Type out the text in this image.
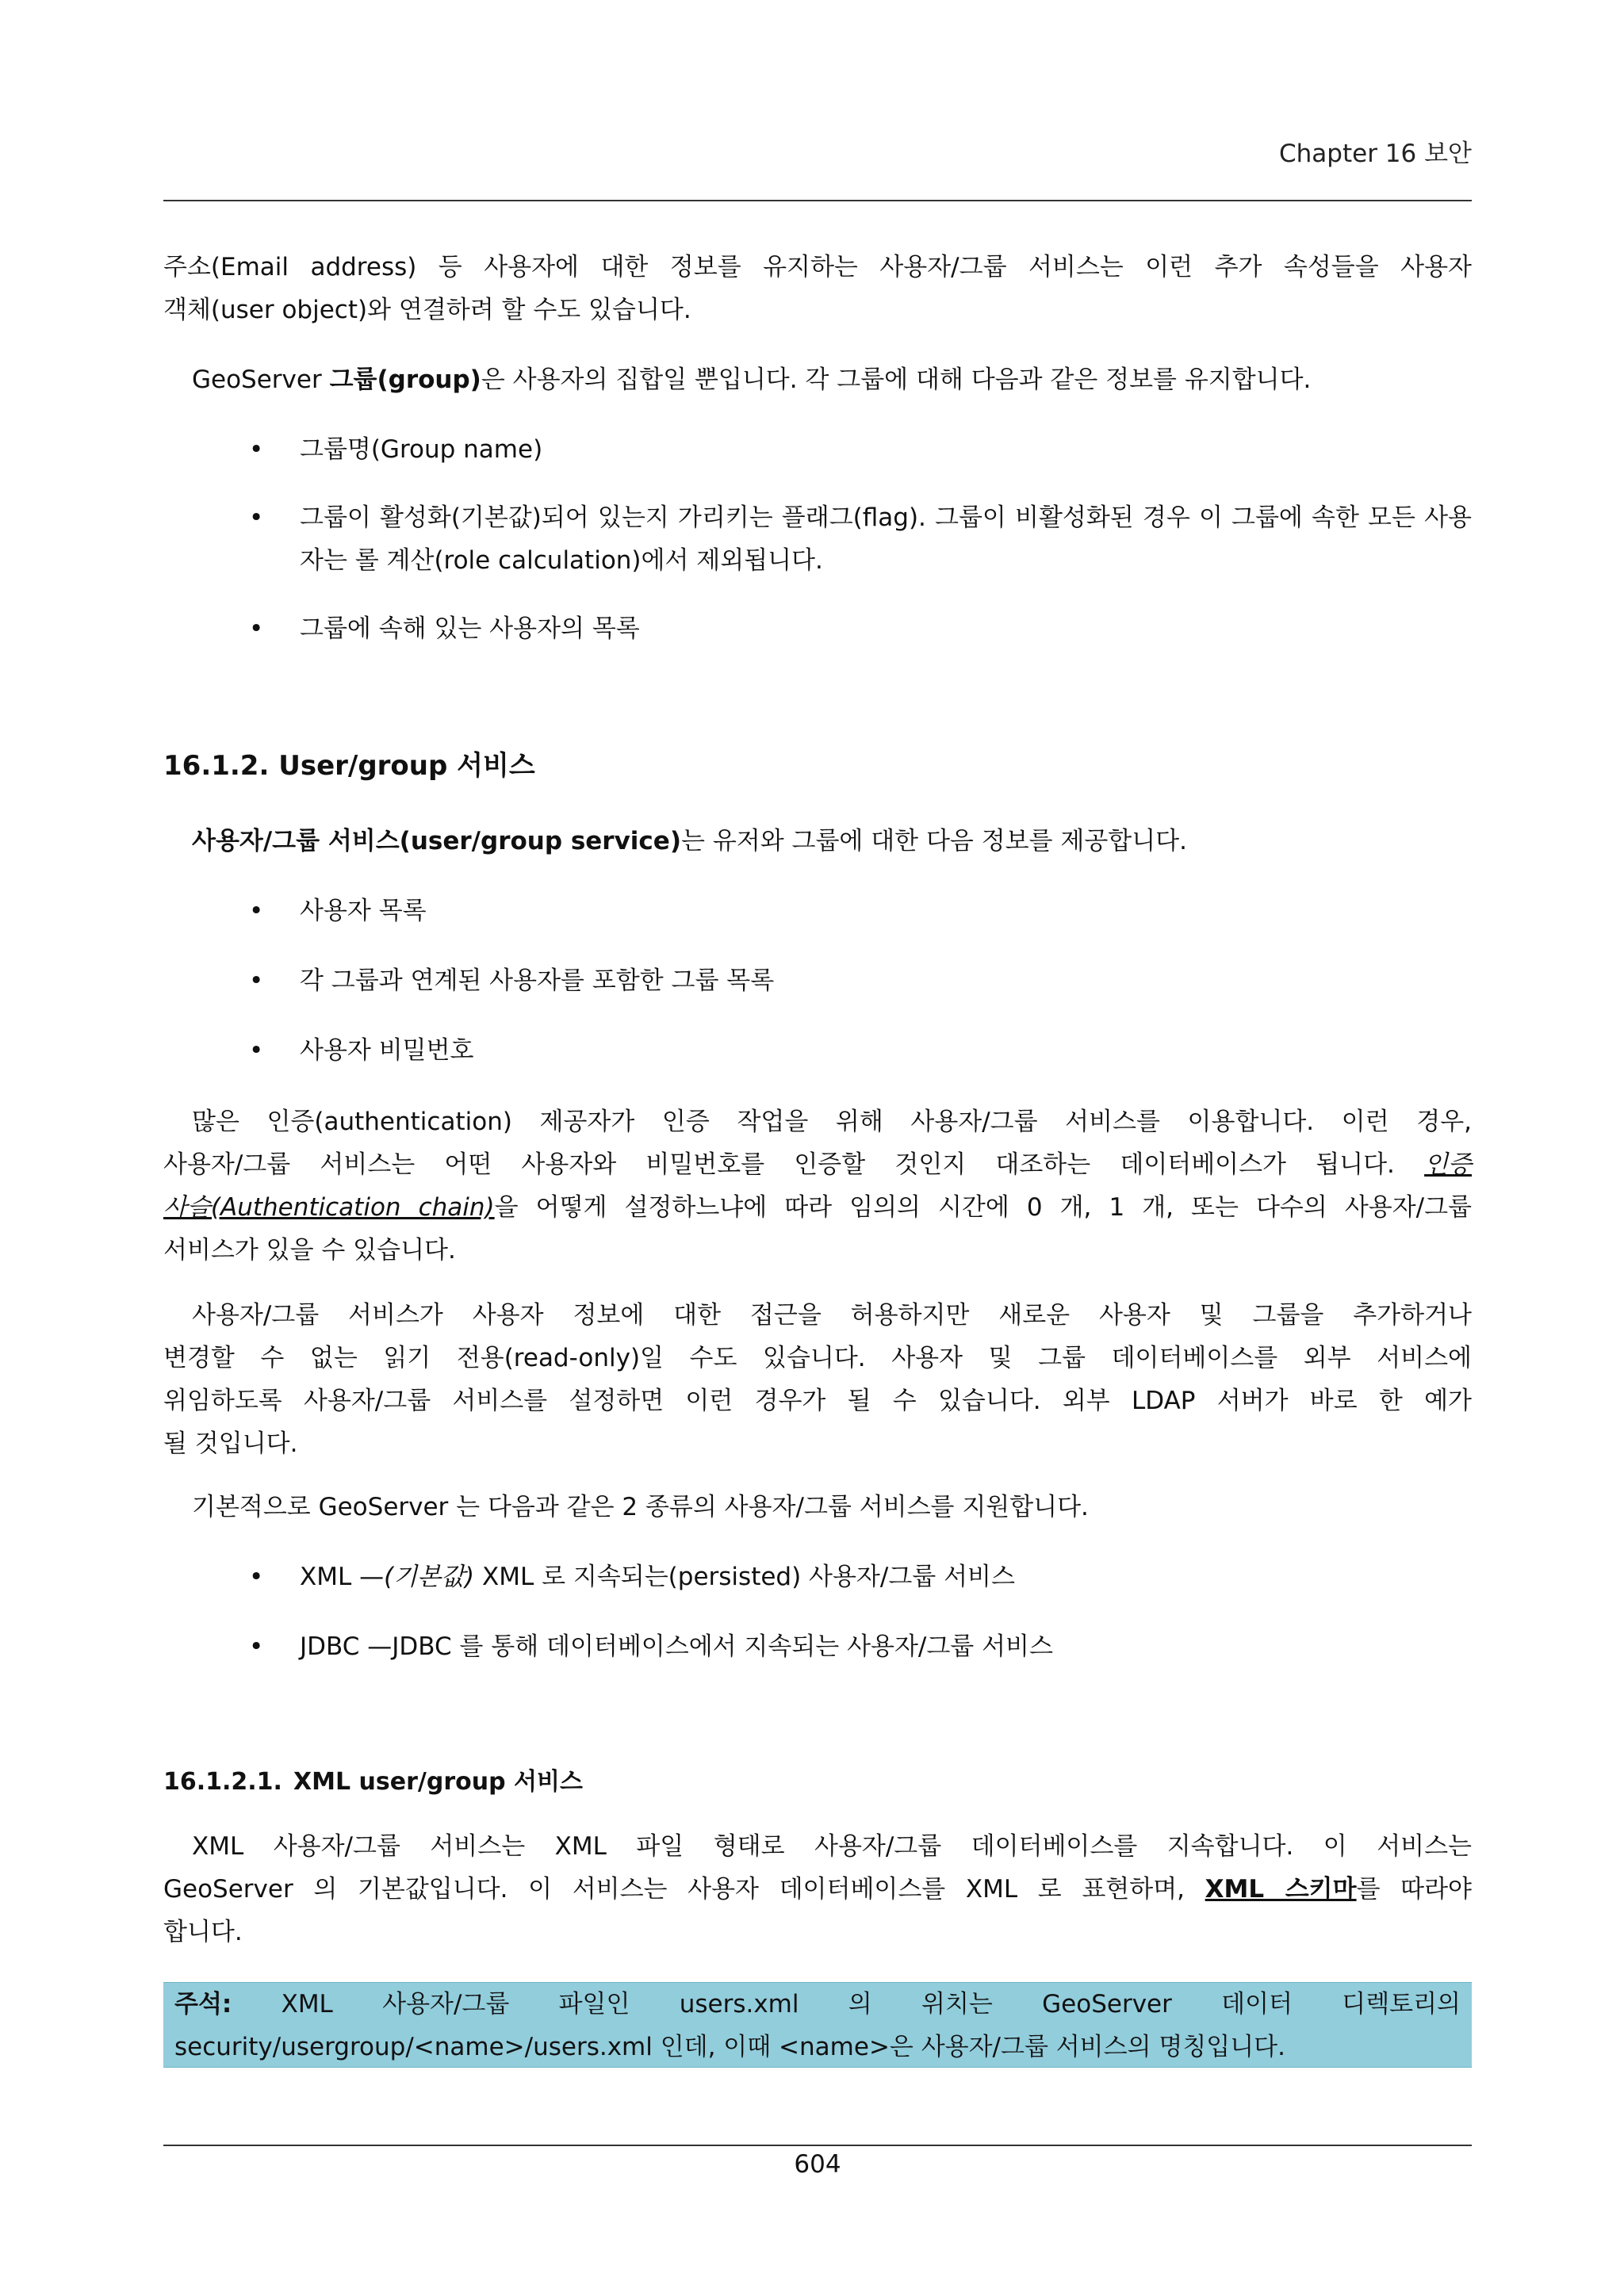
Chapter 16 보안
주소(Email address) 등 사용자에 대한 정보를 유지하는 사용자/그룹 서비스는 이런 추가 속성들을 사용자
객체(user object)와 연결하려 할 수도 있습니다.
GeoServer 그룹(group)은 사용자의 집합일 뿐입니다. 각 그룹에 대해 다음과 같은 정보를 유지합니다.
• 그룹명(Group name)
• 그룹이 활성화(기본값)되어 있는지 가리키는 플래그(flag). 그룹이 비활성화된 경우 이 그룹에 속한 모든 사용자는 롤 계산(role calculation)에서 제외됩니다.
• 그룹에 속해 있는 사용자의 목록
16.1.2. User/group 서비스
사용자/그룹 서비스(user/group service)는 유저와 그룹에 대한 다음 정보를 제공합니다.
• 사용자 목록
• 각 그룹과 연계된 사용자를 포함한 그룹 목록
• 사용자 비밀번호
많은 인증(authentication) 제공자가 인증 작업을 위해 사용자/그룹 서비스를 이용합니다. 이런 경우,
사용자/그룹 서비스는 어떤 사용자와 비밀번호를 인증할 것인지 대조하는 데이터베이스가 됩니다. 인증
사슬(Authentication chain)을 어떻게 설정하느냐에 따라 임의의 시간에 0 개, 1 개, 또는 다수의 사용자/그룹
서비스가 있을 수 있습니다.
사용자/그룹 서비스가 사용자 정보에 대한 접근을 허용하지만 새로운 사용자 및 그룹을 추가하거나
변경할 수 없는 읽기 전용(read-only)일 수도 있습니다. 사용자 및 그룹 데이터베이스를 외부 서비스에
위임하도록 사용자/그룹 서비스를 설정하면 이런 경우가 될 수 있습니다. 외부 LDAP 서버가 바로 한 예가
될 것입니다.
기본적으로 GeoServer 는 다음과 같은 2 종류의 사용자/그룹 서비스를 지원합니다.
• XML —(기본값) XML 로 지속되는(persisted) 사용자/그룹 서비스
• JDBC —JDBC 를 통해 데이터베이스에서 지속되는 사용자/그룹 서비스
16.1.2.1. XML user/group 서비스
XML 사용자/그룹 서비스는 XML 파일 형태로 사용자/그룹 데이터베이스를 지속합니다. 이 서비스는
GeoServer 의 기본값입니다. 이 서비스는 사용자 데이터베이스를 XML 로 표현하며, XML 스키마를 따라야
합니다.
주석: XML 사용자/그룹 파일인 users.xml 의 위치는 GeoServer 데이터 디렉토리의
security/usergroup/<name>/users.xml 인데, 이때 <name>은 사용자/그룹 서비스의 명칭입니다.
604
